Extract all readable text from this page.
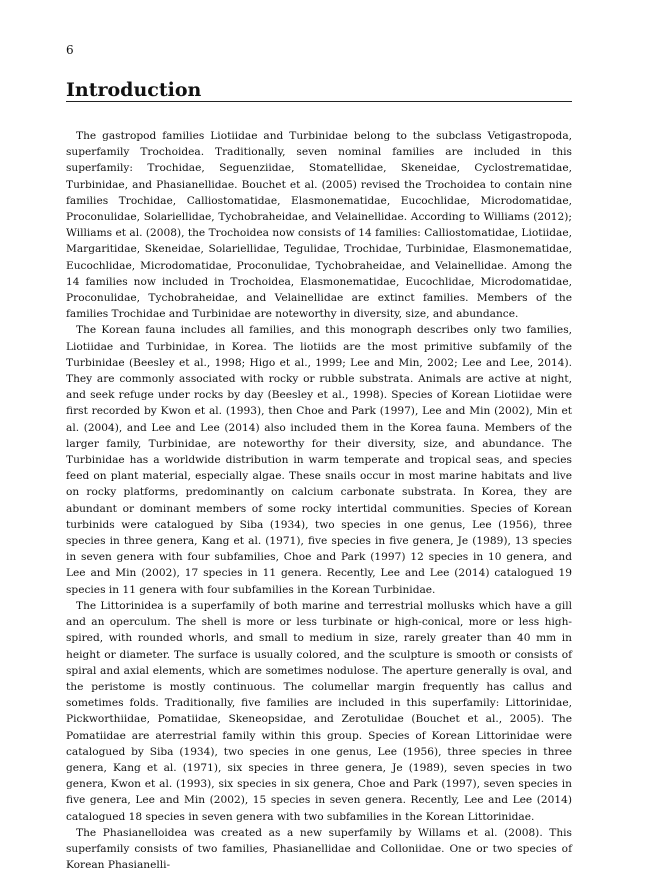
6
Introduction

The gastropod families Liotiidae and Turbinidae belong to the subclass Vetigastropoda, superfamily Trochoidea. Traditionally, seven nominal families are included in this superfamily: Trochidae, Seguenziidae, Stomatellidae, Skeneidae, Cyclostrematidae, Turbinidae, and Phasianellidae. Bouchet et al. (2005) revised the Trochoidea to contain nine families Trochidae, Calliostomatidae, Elasmonematidae, Eucochlidae, Microdomatidae, Proconulidae, Solariellidae, Tychobraheidae, and Velainellidae. According to Williams (2012); Williams et al. (2008), the Trochoidea now consists of 14 families: Calliostomatidae, Liotiidae, Margaritidae, Skeneidae, Solariellidae, Tegulidae, Trochidae, Turbinidae, Elasmonematidae, Eucochlidae, Microdomatidae, Proconulidae, Tychobraheidae, and Velainellidae. Among the 14 families now included in Trochoidea, Elasmonematidae, Eucochlidae, Microdomatidae, Proconulidae, Tychobraheidae, and Velainellidae are extinct families. Members of the families Trochidae and Turbinidae are noteworthy in diversity, size, and abundance.

The Korean fauna includes all families, and this monograph describes only two families, Liotiidae and Turbinidae, in Korea. The liotiids are the most primitive subfamily of the Turbinidae (Beesley et al., 1998; Higo et al., 1999; Lee and Min, 2002; Lee and Lee, 2014). They are commonly associated with rocky or rubble substrata. Animals are active at night, and seek refuge under rocks by day (Beesley et al., 1998). Species of Korean Liotiidae were first recorded by Kwon et al. (1993), then Choe and Park (1997), Lee and Min (2002), Min et al. (2004), and Lee and Lee (2014) also included them in the Korea fauna. Members of the larger family, Turbinidae, are noteworthy for their diversity, size, and abundance. The Turbinidae has a worldwide distribution in warm temperate and tropical seas, and species feed on plant material, especially algae. These snails occur in most marine habitats and live on rocky platforms, predominantly on calcium carbonate substrata. In Korea, they are abundant or dominant members of some rocky intertidal communities. Species of Korean turbinids were catalogued by Siba (1934), two species in one genus, Lee (1956), three species in three genera, Kang et al. (1971), five species in five genera, Je (1989), 13 species in seven genera with four subfamilies, Choe and Park (1997) 12 species in 10 genera, and Lee and Min (2002), 17 species in 11 genera. Recently, Lee and Lee (2014) catalogued 19 species in 11 genera with four subfamilies in the Korean Turbinidae.

The Littorinidea is a superfamily of both marine and terrestrial mollusks which have a gill and an operculum. The shell is more or less turbinate or high-conical, more or less high-spired, with rounded whorls, and small to medium in size, rarely greater than 40 mm in height or diameter. The surface is usually colored, and the sculpture is smooth or consists of spiral and axial elements, which are sometimes nodulose. The aperture generally is oval, and the peristome is mostly continuous. The columellar margin frequently has callus and sometimes folds. Traditionally, five families are included in this superfamily: Littorinidae, Pickworthiidae, Pomatiidae, Skeneopsidae, and Zerotulidae (Bouchet et al., 2005). The Pomatiidae are aterrestrial family within this group. Species of Korean Littorinidae were catalogued by Siba (1934), two species in one genus, Lee (1956), three species in three genera, Kang et al. (1971), six species in three genera, Je (1989), seven species in two genera, Kwon et al. (1993), six species in six genera, Choe and Park (1997), seven species in five genera, Lee and Min (2002), 15 species in seven genera. Recently, Lee and Lee (2014) catalogued 18 species in seven genera with two subfamilies in the Korean Littorinidae.

The Phasianelloidea was created as a new superfamily by Willams et al. (2008). This superfamily consists of two families, Phasianellidae and Colloniidae. One or two species of Korean Phasianelli-
